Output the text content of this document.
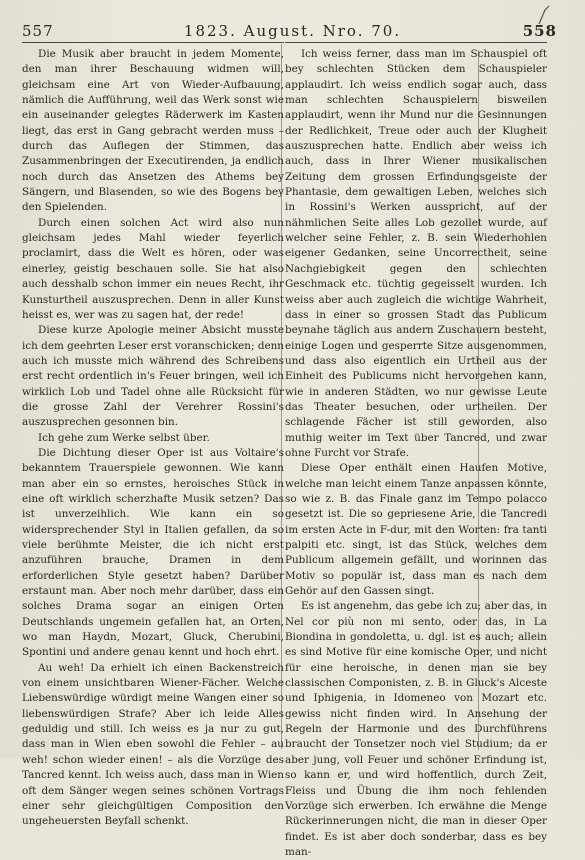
557	1823. August. Nro. 70.	558

Die Musik aber braucht in jedem Momente, den man ihrer Beschauung widmen will, gleichsam eine Art von Wieder-Aufbauung, nämlich die Aufführung, weil das Werk sonst wie ein auseinander gelegtes Räderwerk im Kasten liegt, das erst in Gang gebracht werden muss – durch das Auflegen der Stimmen, das Zusammenbringen der Executirenden, ja endlich noch durch das Ansetzen des Athems bey Sängern, und Blasenden, so wie des Bogens bey den Spielenden.

Durch einen solchen Act wird also nun gleichsam jedes Mahl wieder feyerlich proclamirt, dass die Welt es hören, oder was einerley, geistig beschauen solle. Sie hat also auch desshalb schon immer ein neues Recht, ihr Kunsturtheil auszusprechen. Denn in aller Kunst heisst es, wer was zu sagen hat, der rede!

Diese kurze Apologie meiner Absicht musste ich dem geehrten Leser erst voranschicken; denn auch ich musste mich während des Schreibens erst recht ordentlich in's Feuer bringen, weil ich wirklich Lob und Tadel ohne alle Rücksicht für die grosse Zahl der Verehrer Rossini's auszusprechen gesonnen bin.

Ich gehe zum Werke selbst über.

Die Dichtung dieser Oper ist aus Voltaire's bekanntem Trauerspiele gewonnen. Wie kann man aber ein so ernstes, heroisches Stück in eine oft wirklich scherzhafte Musik setzen? Das ist unverzeihlich. Wie kann ein so widersprechender Styl in Italien gefallen, da so viele berühmte Meister, die ich nicht erst anzuführen brauche, Dramen in dem erforderlichen Style gesetzt haben? Darüber erstaunt man. Aber noch mehr darüber, dass ein solches Drama sogar an einigen Orten Deutschlands ungemein gefallen hat, an Orten, wo man Haydn, Mozart, Gluck, Cherubini, Spontini und andere genau kennt und hoch ehrt.

Au weh! Da erhielt ich einen Backenstreich von einem unsichtbaren Wiener-Fächer. Welche Liebenswürdige würdigt meine Wangen einer so liebenswürdigen Strafe? Aber ich leide Alles geduldig und still. Ich weiss es ja nur zu gut, dass man in Wien eben sowohl die Fehler – au weh! schon wieder einen! – als die Vorzüge des Tancred kennt. Ich weiss auch, dass man in Wien oft dem Sänger wegen seines schönen Vortrags einer sehr gleichgültigen Composition den ungeheuersten Beyfall schenkt.

Ich weiss ferner, dass man im Schauspiel oft bey schlechten Stücken dem Schauspieler applaudirt. Ich weiss endlich sogar auch, dass man schlechten Schauspielern bisweilen applaudirt, wenn ihr Mund nur die Gesinnungen der Redlichkeit, Treue oder auch der Klugheit auszusprechen hatte. Endlich aber weiss ich auch, dass in Ihrer Wiener musikalischen Zeitung dem grossen Erfindungsgeiste der Phantasie, dem gewaltigen Leben, welches sich in Rossini's Werken ausspricht, auf der nähmlichen Seite alles Lob gezollet wurde, auf welcher seine Fehler, z. B. sein Wiederhohlen eigener Gedanken, seine Uncorrectheit, seine Nachgiebigkeit gegen den schlechten Geschmack etc. tüchtig gegeisselt wurden. Ich weiss aber auch zugleich die wichtige Wahrheit, dass in einer so grossen Stadt das Publicum beynahe täglich aus andern Zuschauern besteht, einige Logen und gesperrte Sitze ausgenommen, und dass also eigentlich ein Urtheil aus der Einheit des Publicums nicht hervorgehen kann, wie in anderen Städten, wo nur gewisse Leute das Theater besuchen, oder urtheilen. Der schlagende Fächer ist still geworden, also muthig weiter im Text über Tancred, und zwar ohne Furcht vor Strafe.

Diese Oper enthält einen Haufen Motive, welche man leicht einem Tanze anpassen könnte, so wie z. B. das Finale ganz im Tempo polacco gesetzt ist. Die so gepriesene Arie, die Tancredi im ersten Acte in F-dur, mit den Worten: fra tanti palpiti etc. singt, ist das Stück, welches dem Publicum allgemein gefällt, und worinnen das Motiv so populär ist, dass man es nach dem Gehör auf den Gassen singt.

Es ist angenehm, das gebe ich zu; aber das, in Nel cor più non mi sento, oder das, in La Biondina in gondoletta, u. dgl. ist es auch; allein es sind Motive für eine komische Oper, und nicht für eine heroische, in denen man sie bey classischen Componisten, z. B. in Gluck's Alceste und Iphigenia, in Idomeneo von Mozart etc. gewiss nicht finden wird. In Ansehung der Regeln der Harmonie und des Durchführens braucht der Tonsetzer noch viel Studium; da er aber jung, voll Feuer und schöner Erfindung ist, so kann er, und wird hoffentlich, durch Zeit, Fleiss und Übung die ihm noch fehlenden Vorzüge sich erwerben. Ich erwähne die Menge Rückerinnerungen nicht, die man in dieser Oper findet. Es ist aber doch sonderbar, dass es bey man-
